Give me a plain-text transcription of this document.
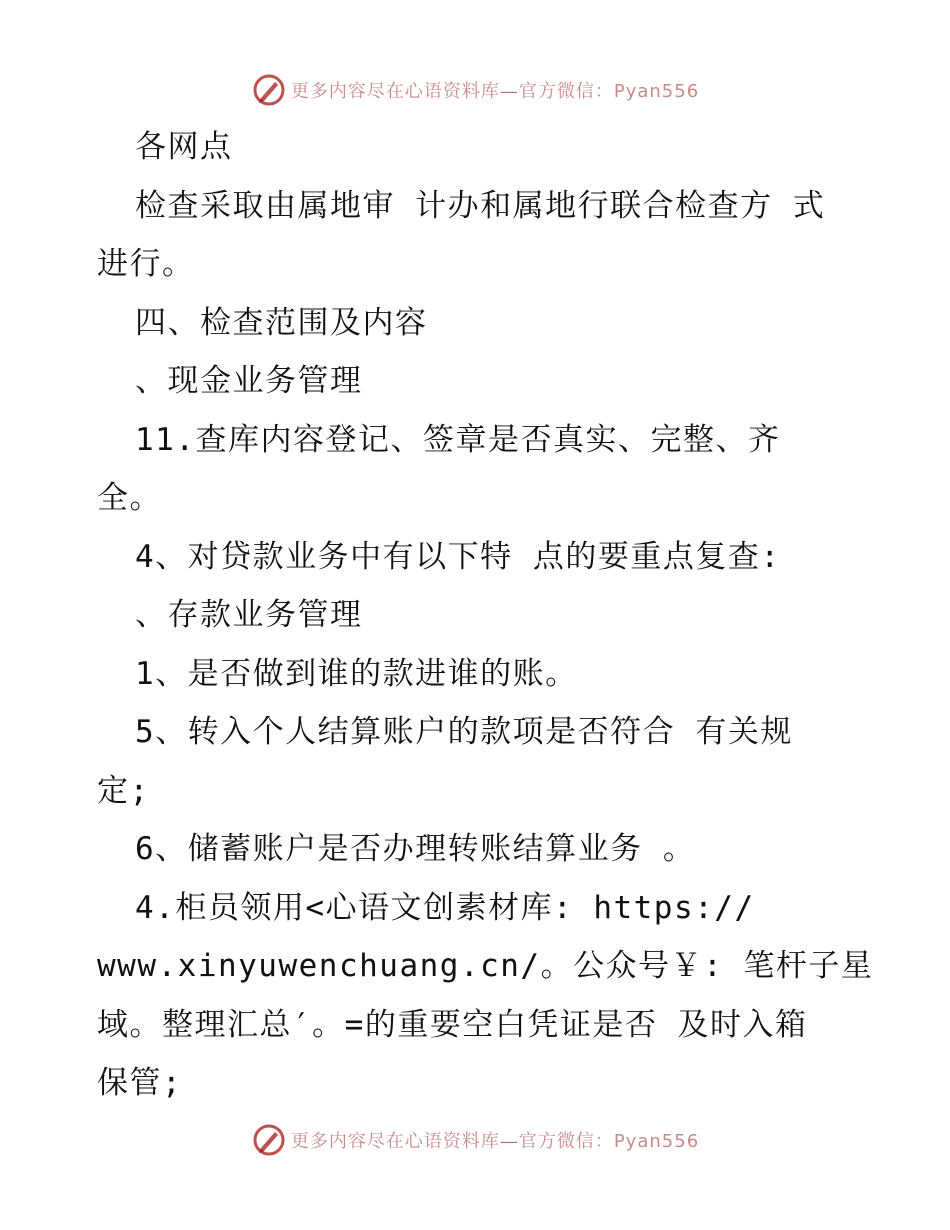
更多内容尽在心语资料库—官方微信：Pyan556
各网点
检查采取由属地审 计办和属地行联合检查方 式
进行。
四、检查范围及内容
、现金业务管理
11.查库内容登记、签章是否真实、完整、齐
全。
4、对贷款业务中有以下特 点的要重点复查:
、存款业务管理
1、是否做到谁的款进谁的账。
5、转入个人结算账户的款项是否符合 有关规
定;
6、储蓄账户是否办理转账结算业务 。
4.柜员领用<心语文创素材库: https://
www.xinyuwenchuang.cn/。公众号￥: 笔杆子星
域。整理汇总′。=的重要空白凭证是否 及时入箱
保管;
更多内容尽在心语资料库—官方微信：Pyan556
